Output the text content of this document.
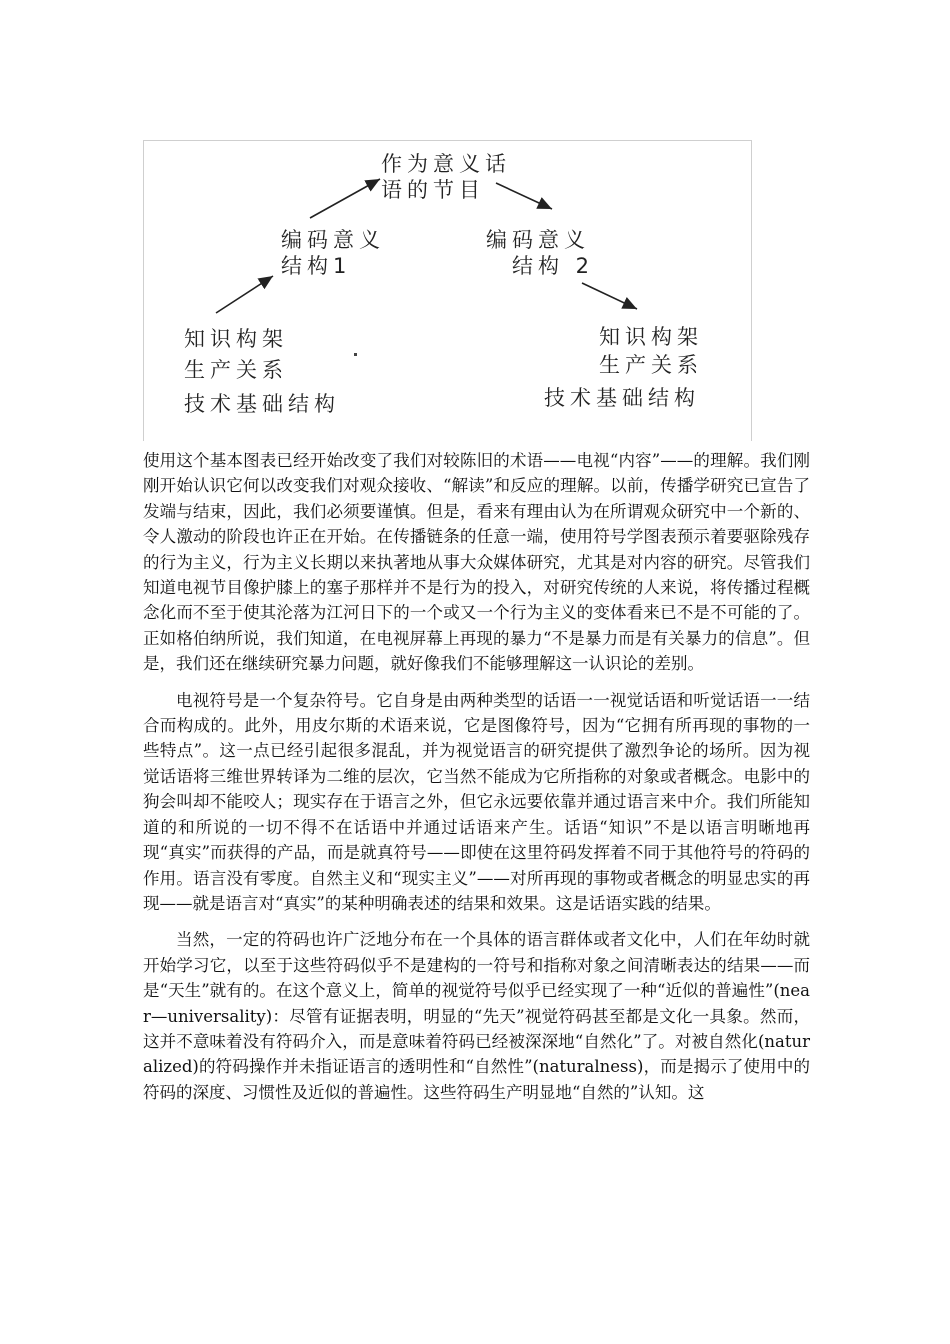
作为意义话
语的节目
编码意义
结构1
编码意义
结构 2
知识构架
生产关系
技术基础结构
知识构架
生产关系
技术基础结构

使用这个基本图表已经开始改变了我们对较陈旧的术语——电视“内容”——的理解。我们刚刚开始认识它何以改变我们对观众接收、“解读”和反应的理解。以前，传播学研究已宣告了发端与结束，因此，我们必须要谨慎。但是，看来有理由认为在所谓观众研究中一个新的、令人激动的阶段也许正在开始。在传播链条的任意一端，使用符号学图表预示着要驱除残存的行为主义，行为主义长期以来执著地从事大众媒体研究，尤其是对内容的研究。尽管我们知道电视节目像护膝上的塞子那样并不是行为的投入，对研究传统的人来说，将传播过程概念化而不至于使其沦落为江河日下的一个或又一个行为主义的变体看来已不是不可能的了。正如格伯纳所说，我们知道，在电视屏幕上再现的暴力“不是暴力而是有关暴力的信息”。但是，我们还在继续研究暴力问题，就好像我们不能够理解这一认识论的差别。

电视符号是一个复杂符号。它自身是由两种类型的话语一一视觉话语和听觉话语一一结合而构成的。此外，用皮尔斯的术语来说，它是图像符号，因为“它拥有所再现的事物的一些特点”。这一点已经引起很多混乱，并为视觉语言的研究提供了激烈争论的场所。因为视觉话语将三维世界转译为二维的层次，它当然不能成为它所指称的对象或者概念。电影中的狗会叫却不能咬人；现实存在于语言之外，但它永远要依靠并通过语言来中介。我们所能知道的和所说的一切不得不在话语中并通过话语来产生。话语“知识”不是以语言明晰地再现“真实”而获得的产品，而是就真符号——即使在这里符码发挥着不同于其他符号的符码的作用。语言没有零度。自然主义和“现实主义”——对所再现的事物或者概念的明显忠实的再现——就是语言对“真实”的某种明确表述的结果和效果。这是话语实践的结果。

当然，一定的符码也许广泛地分布在一个具体的语言群体或者文化中，人们在年幼时就开始学习它，以至于这些符码似乎不是建构的一符号和指称对象之间清晰表达的结果——而是“天生”就有的。在这个意义上，简单的视觉符号似乎已经实现了一种“近似的普遍性”(near—universality)：尽管有证据表明，明显的“先天”视觉符码甚至都是文化一具象。然而，这并不意味着没有符码介入，而是意味着符码已经被深深地“自然化”了。对被自然化(naturalized)的符码操作并未指证语言的透明性和“自然性”(naturalness)，而是揭示了使用中的符码的深度、习惯性及近似的普遍性。这些符码生产明显地“自然的”认知。这
